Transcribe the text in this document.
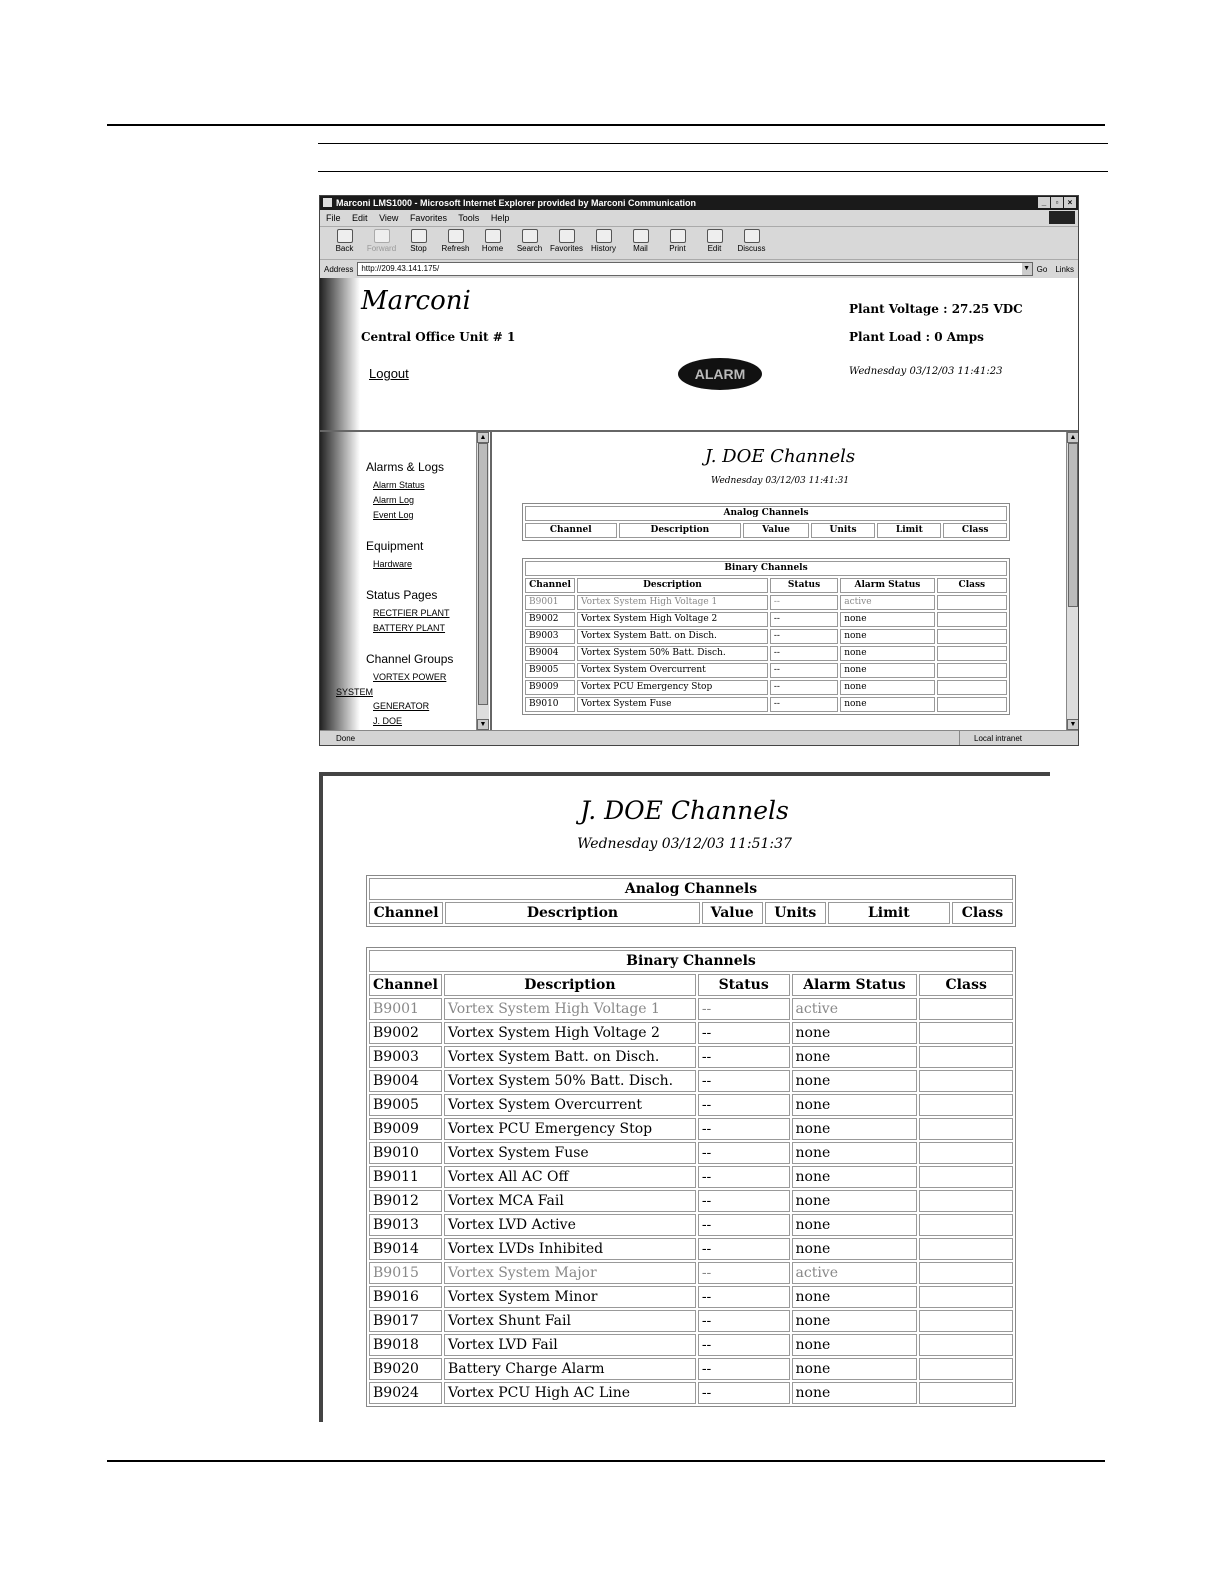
Marconi LMS1000 - Microsoft Internet Explorer provided by Marconi Communication	_	▫	×
File Edit View Favorites Tools Help
Back	Forward	Stop	Refresh	Home	Search Favorites	History	Mail	Print	Edit	Discuss
Address	http://209.43.141.175/	▼ Go Links
Marconi
Central Office Unit # 1
Logout	ALARM
Plant Voltage : 27.25 VDC
Plant Load : 0 Amps
Wednesday 03/12/03 11:41:23
Alarms & Logs
Alarm Status
Alarm Log
Event Log
Equipment
Hardware
Status Pages
RECTFIER PLANT
BATTERY PLANT
Channel Groups
VORTEX POWER
SYSTEM
GENERATOR
J. DOE
▲
▼
J. DOE Channels
Wednesday 03/12/03 11:41:31
Analog Channels
Channel	Description	Value	Units	Limit	Class
Binary Channels				
Channel	Description	Status	Alarm Status	Class
B9001	Vortex System High Voltage 1	--	active	
B9002	Vortex System High Voltage 2	--	none	
B9003	Vortex System Batt. on Disch.	--	none	
B9004	Vortex System 50% Batt. Disch.	--	none	
B9005	Vortex System Overcurrent	--	none	
B9009	Vortex PCU Emergency Stop	--	none	
B9010	Vortex System Fuse	--	none	
▲
▼
Done	Local intranet
J. DOE Channels
Wednesday 03/12/03 11:51:37
Analog Channels
Channel	Description	Value	Units	Limit	Class
Binary Channels				
Channel	Description	Status	Alarm Status	Class
B9001	Vortex System High Voltage 1	--	active	
B9002	Vortex System High Voltage 2	--	none	
B9003	Vortex System Batt. on Disch.	--	none	
B9004	Vortex System 50% Batt. Disch.	--	none	
B9005	Vortex System Overcurrent	--	none	
B9009	Vortex PCU Emergency Stop	--	none	
B9010	Vortex System Fuse	--	none	
B9011	Vortex All AC Off	--	none	
B9012	Vortex MCA Fail	--	none	
B9013	Vortex LVD Active	--	none	
B9014	Vortex LVDs Inhibited	--	none	
B9015	Vortex System Major	--	active	
B9016	Vortex System Minor	--	none	
B9017	Vortex Shunt Fail	--	none	
B9018	Vortex LVD Fail	--	none	
B9020	Battery Charge Alarm	--	none	
B9024	Vortex PCU High AC Line	--	none	
